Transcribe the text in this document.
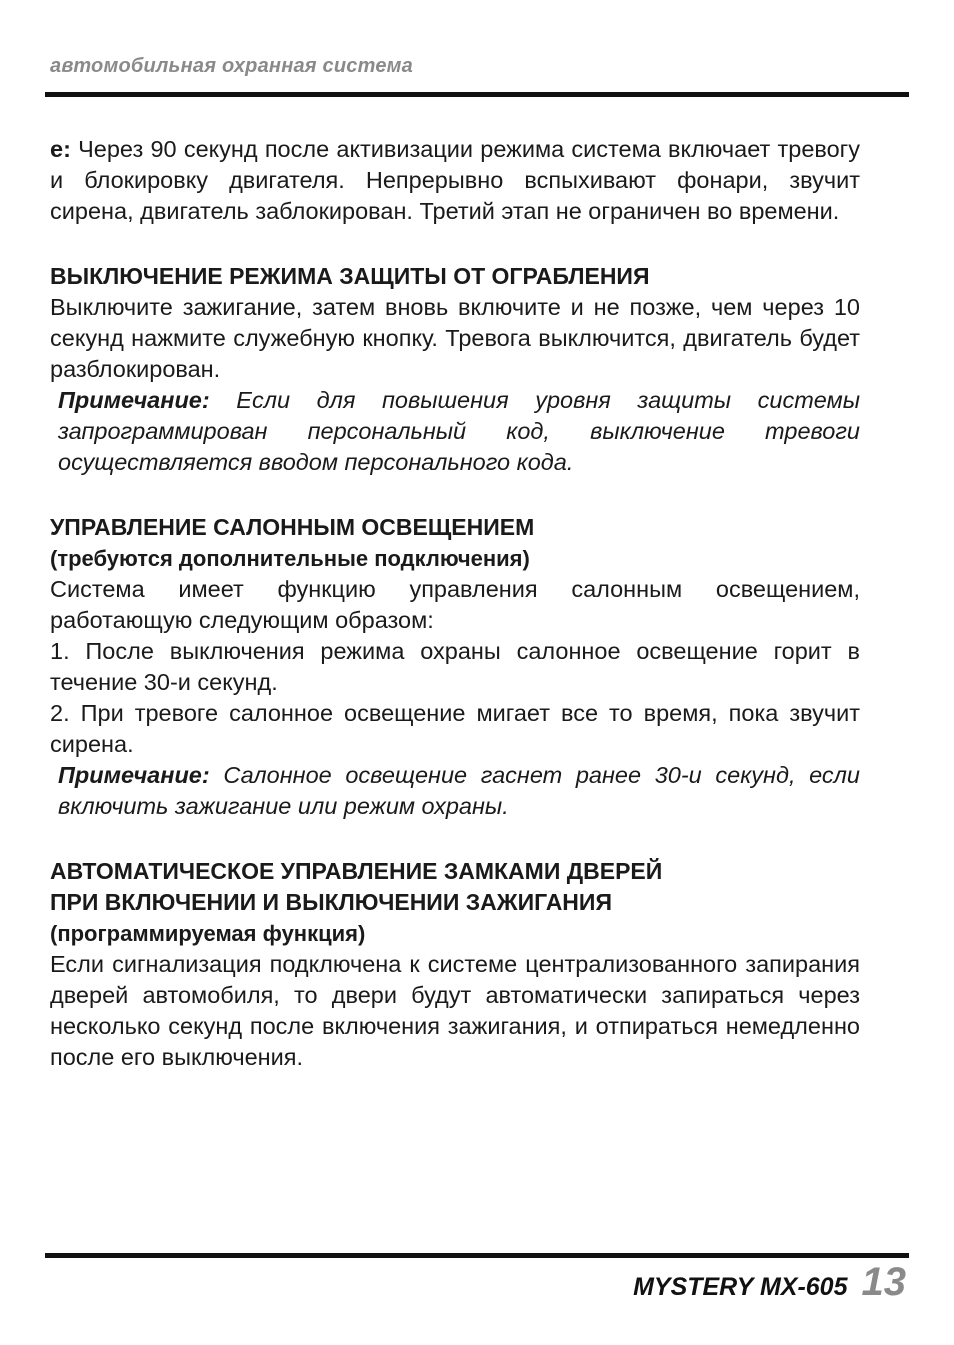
автомобильная охранная система

e: Через 90 секунд после активизации режима система включает тревогу и блокировку двигателя. Непрерывно вспыхивают фонари, звучит сирена, двигатель заблокирован. Третий этап не ограничен во времени.

ВЫКЛЮЧЕНИЕ РЕЖИМА ЗАЩИТЫ ОТ ОГРАБЛЕНИЯ

Выключите зажигание, затем вновь включите и не позже, чем через 10 секунд нажмите служебную кнопку. Тревога выключится, двигатель будет разблокирован.

Примечание: Если для повышения уровня защиты системы запрограммирован персональный код, выключение тревоги осуществляется вводом персонального кода.

УПРАВЛЕНИЕ САЛОННЫМ ОСВЕЩЕНИЕМ

(требуются дополнительные подключения)

Система имеет функцию управления салонным освещением, работающую следующим образом:

1. После выключения режима охраны салонное освещение горит в течение 30-и секунд.

2. При тревоге салонное освещение мигает все то время, пока звучит сирена.

Примечание: Салонное освещение гаснет ранее 30-и секунд, если включить зажигание или режим охраны.

АВТОМАТИЧЕСКОЕ УПРАВЛЕНИЕ ЗАМКАМИ ДВЕРЕЙ

ПРИ ВКЛЮЧЕНИИ И ВЫКЛЮЧЕНИИ ЗАЖИГАНИЯ

(программируемая функция)

Если сигнализация подключена к системе централизованного запирания дверей автомобиля, то двери будут автоматически запираться через несколько секунд после включения зажигания, и отпираться немедленно после его выключения.

MYSTERY MX-605 13
